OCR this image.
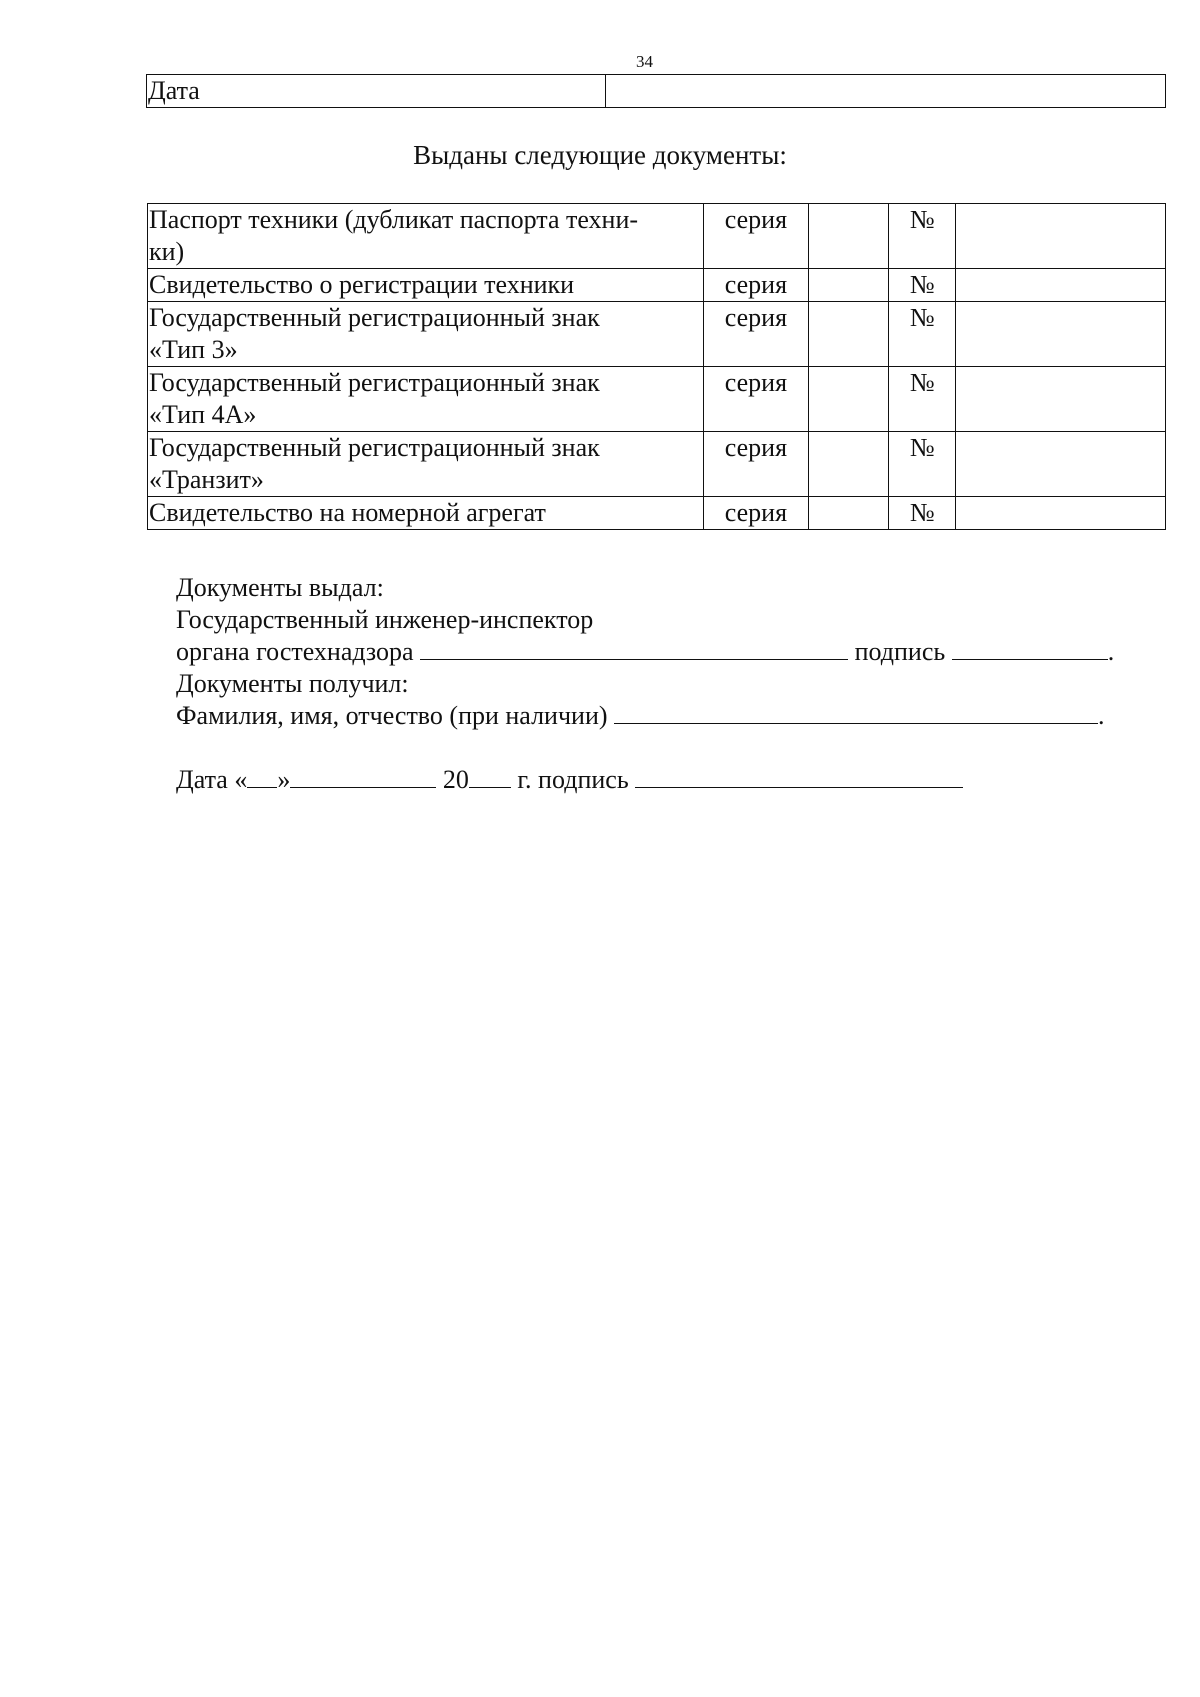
34
Дата	
Выданы следующие документы:
Паспорт техники (дубликат паспорта техни-
ки)	серия		№	
Свидетельство о регистрации техники	серия		№	
Государственный регистрационный знак
«Тип 3»	серия		№	
Государственный регистрационный знак
«Тип 4А»	серия		№	
Государственный регистрационный знак
«Транзит»	серия		№	
Свидетельство на номерной агрегат	серия		№	
Документы выдал:
Государственный инженер-инспектор
органа гостехнадзора	подпись	.
Документы получил:
Фамилия, имя, отчество (при наличии)	.
Дата « »	20 г. подпись
